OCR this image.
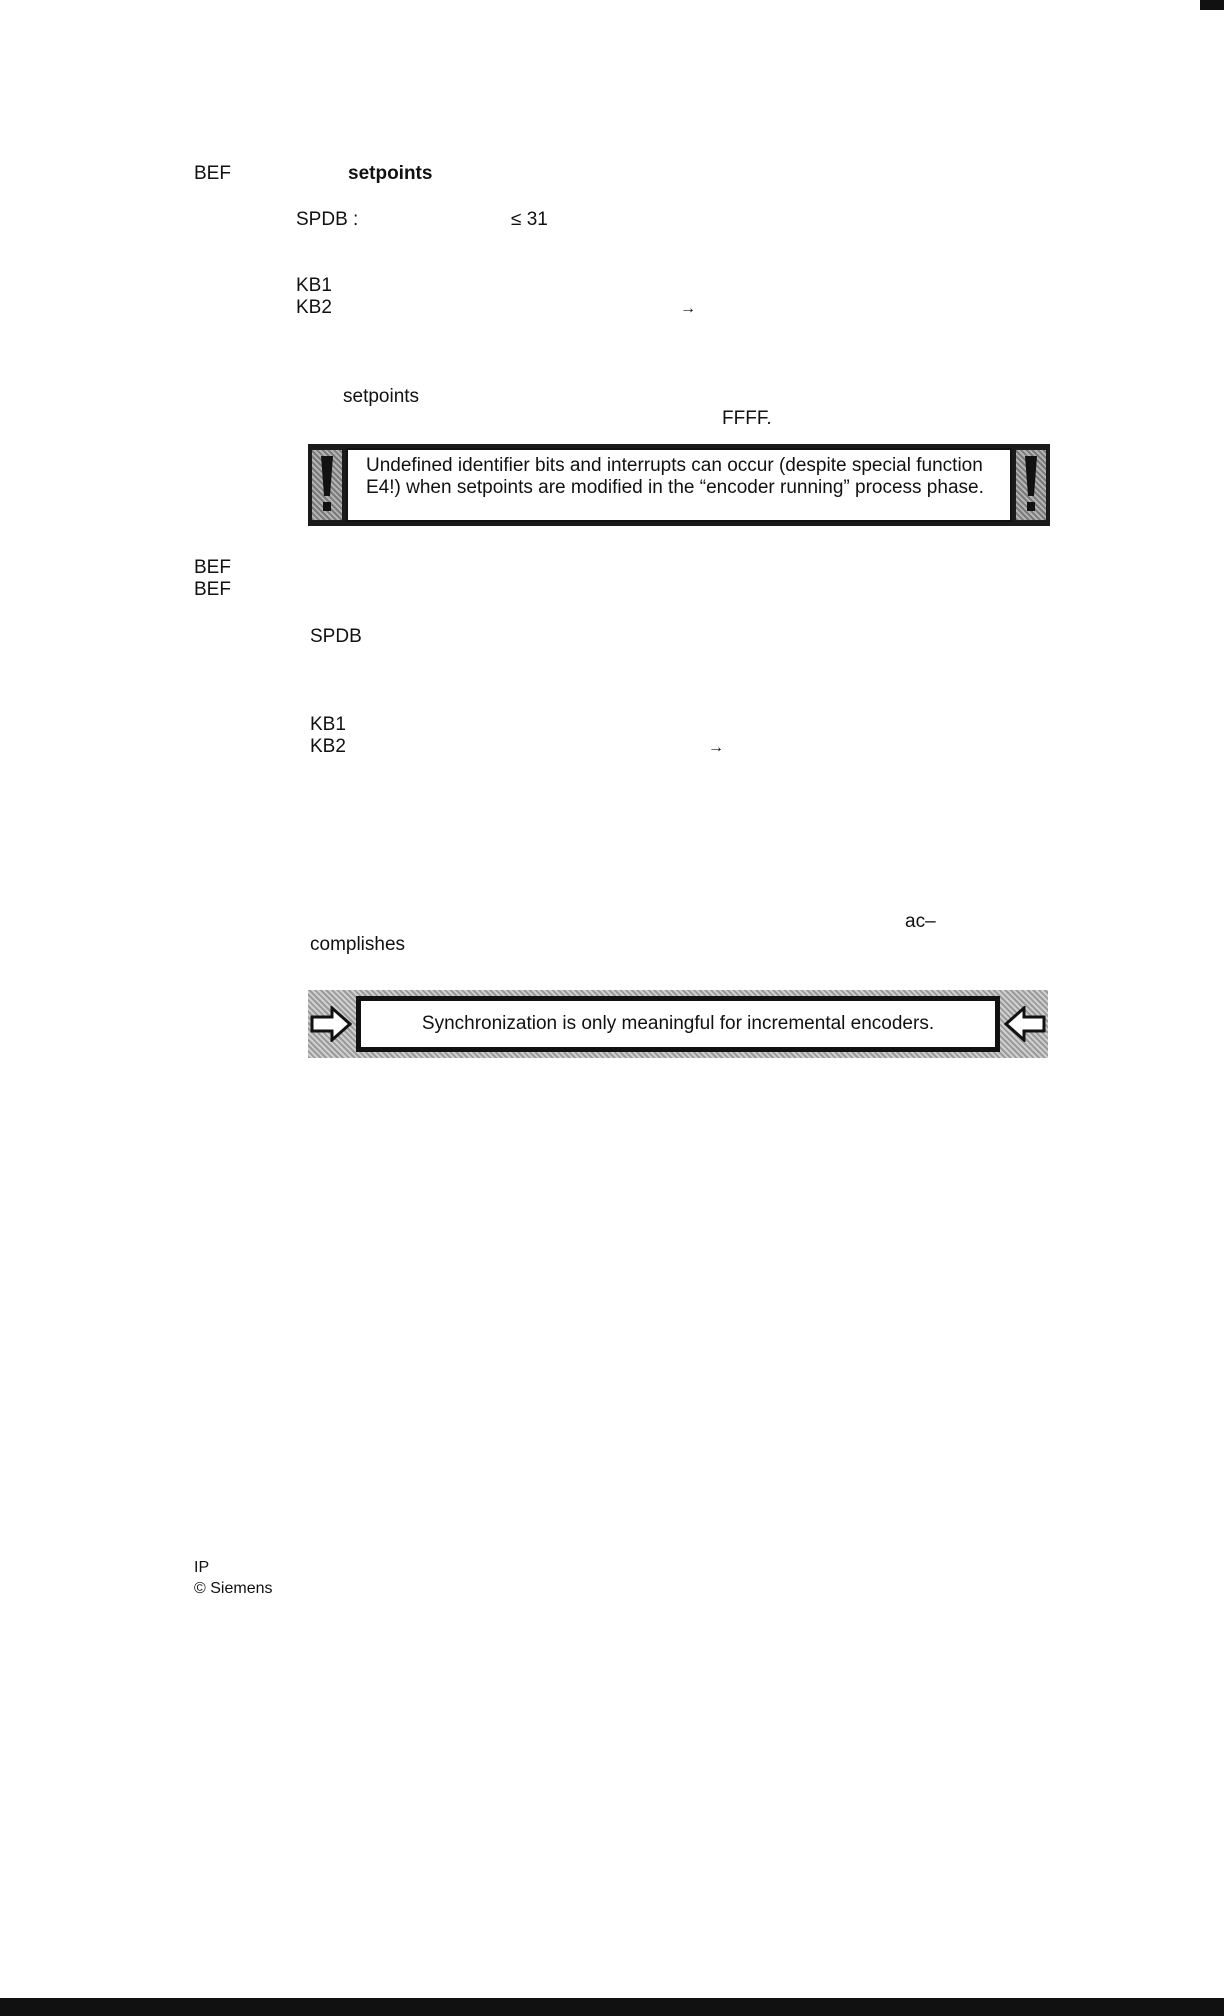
BEF	setpoints
SPDB :	≤ 31
KB1
KB2	→
setpoints
FFFF.
Undefined identifier bits and interrupts can occur (despite special function E4!) when setpoints are modified in the “encoder running” process phase.
BEF
BEF
SPDB
KB1
KB2	→
ac–
complishes
Synchronization is only meaningful for incremental encoders.
IP
© Siemens
